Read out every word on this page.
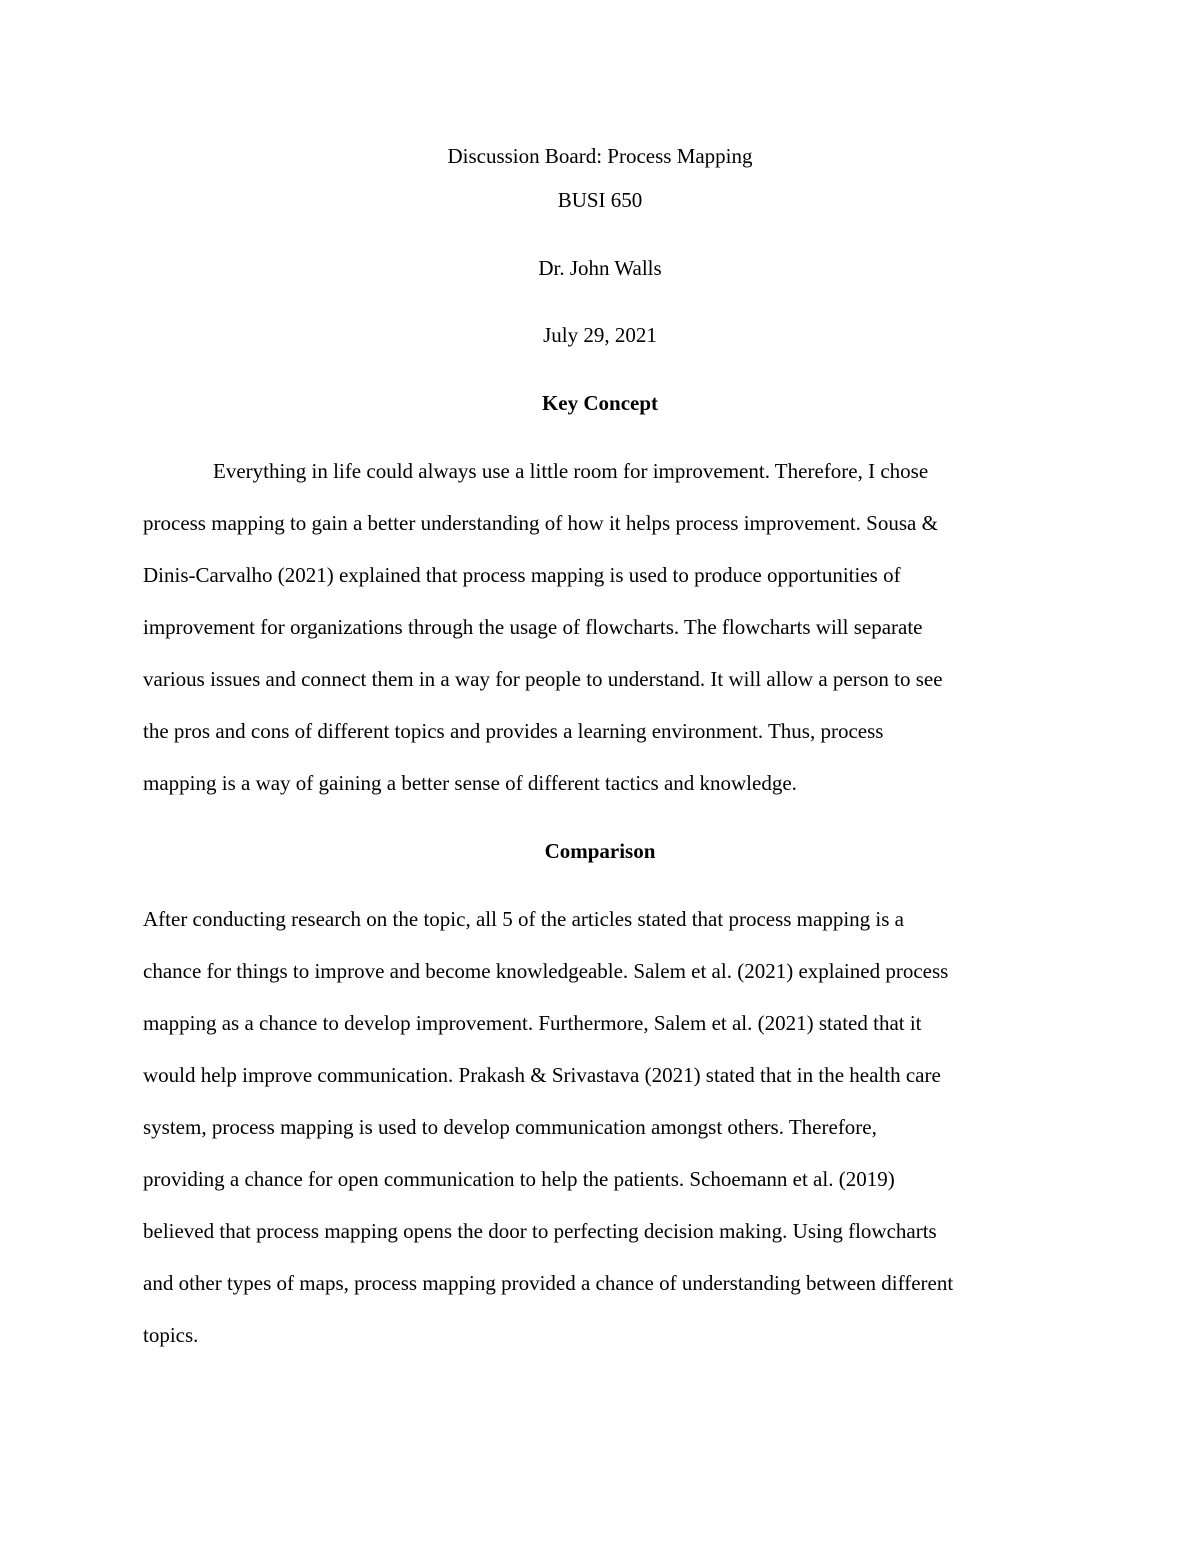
Discussion Board: Process Mapping
BUSI 650
Dr. John Walls
July 29, 2021
Key Concept
Everything in life could always use a little room for improvement. Therefore, I chose
process mapping to gain a better understanding of how it helps process improvement. Sousa &
Dinis-Carvalho (2021) explained that process mapping is used to produce opportunities of
improvement for organizations through the usage of flowcharts. The flowcharts will separate
various issues and connect them in a way for people to understand. It will allow a person to see
the pros and cons of different topics and provides a learning environment. Thus, process
mapping is a way of gaining a better sense of different tactics and knowledge.
Comparison
After conducting research on the topic, all 5 of the articles stated that process mapping is a
chance for things to improve and become knowledgeable. Salem et al. (2021) explained process
mapping as a chance to develop improvement. Furthermore, Salem et al. (2021) stated that it
would help improve communication. Prakash & Srivastava (2021) stated that in the health care
system, process mapping is used to develop communication amongst others. Therefore,
providing a chance for open communication to help the patients. Schoemann et al. (2019)
believed that process mapping opens the door to perfecting decision making. Using flowcharts
and other types of maps, process mapping provided a chance of understanding between different
topics.
